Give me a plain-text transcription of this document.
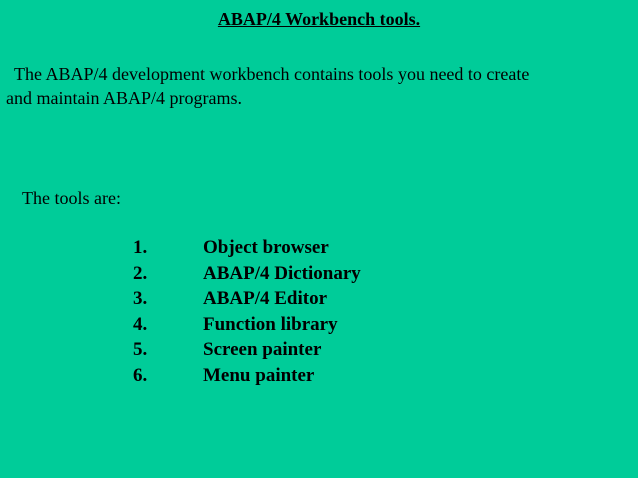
ABAP/4 Workbench tools.
The ABAP/4 development workbench contains tools you need to create
and maintain ABAP/4 programs.
The tools are:
1.	Object browser
2.	ABAP/4 Dictionary
3.	ABAP/4 Editor
4.	Function library
5.	Screen painter
6.	Menu painter
